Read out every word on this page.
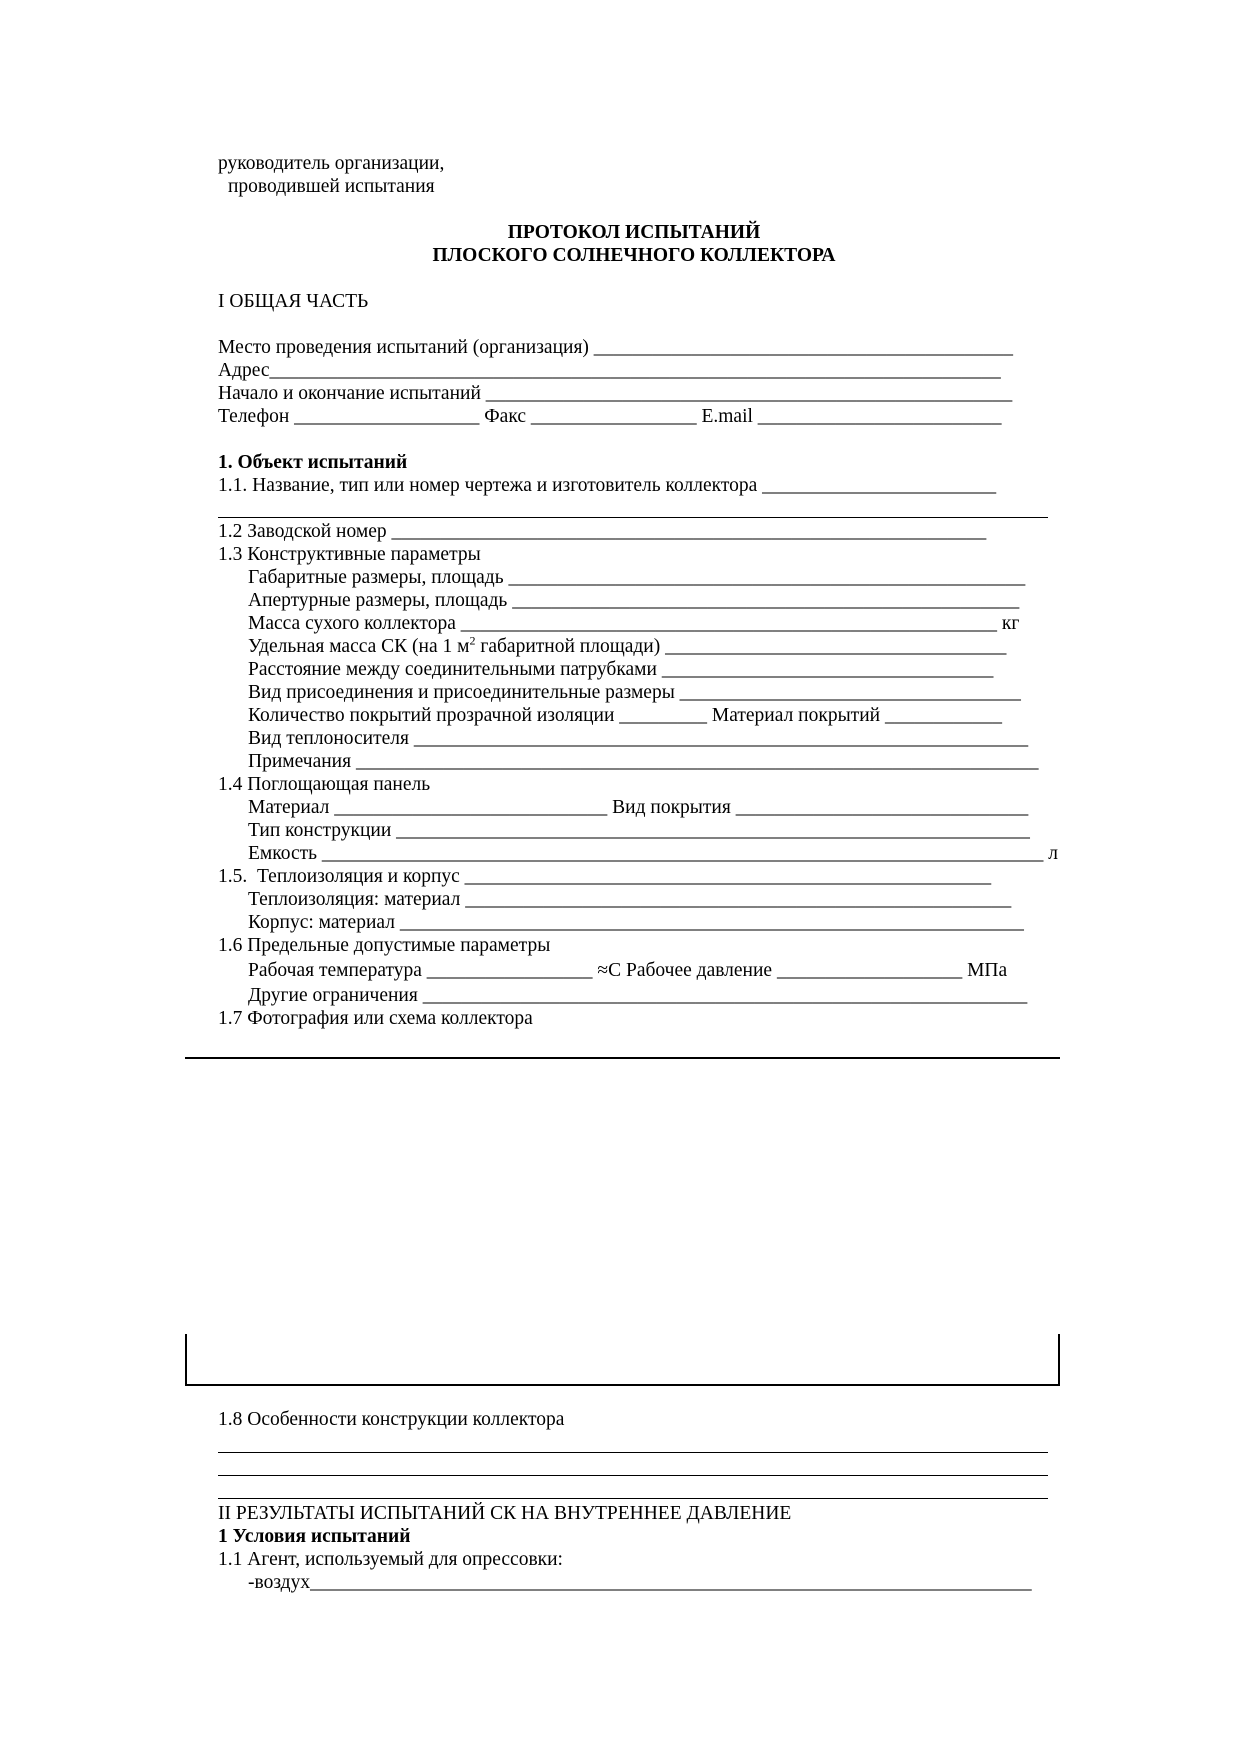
руководитель организации,

проводившей испытания

ПРОТОКОЛ ИСПЫТАНИЙ

ПЛОСКОГО СОЛНЕЧНОГО КОЛЛЕКТОРА

I ОБЩАЯ ЧАСТЬ

Место проведения испытаний (организация) ___________________________________________

Адрес___________________________________________________________________________

Начало и окончание испытаний ______________________________________________________

Телефон ___________________ Факс _________________ E.mail _________________________

1. Объект испытаний

1.1. Название, тип или номер чертежа и изготовитель коллектора ________________________

1.2 Заводской номер _____________________________________________________________

1.3 Конструктивные параметры

Габаритные размеры, площадь _____________________________________________________

Апертурные размеры, площадь ____________________________________________________

Масса сухого коллектора _______________________________________________________ кг

Удельная масса СК (на 1 $м^2$ габаритной площади) ___________________________________

Расстояние между соединительными патрубками __________________________________

Вид присоединения и присоединительные размеры ___________________________________

Количество покрытий прозрачной изоляции _________ Материал покрытий ____________

Вид теплоносителя _______________________________________________________________

Примечания ______________________________________________________________________

1.4 Поглощающая панель

Материал ____________________________ Вид покрытия ______________________________

Тип конструкции _________________________________________________________________

Емкость __________________________________________________________________________ л

1.5.  Теплоизоляция и корпус ______________________________________________________

Теплоизоляция: материал ________________________________________________________

Корпус: материал ________________________________________________________________

1.6 Предельные допустимые параметры

Рабочая температура _________________ ≈С Рабочее давление ___________________ МПа

Другие ограничения ______________________________________________________________

1.7 Фотография или схема коллектора

1.8 Особенности конструкции коллектора

II РЕЗУЛЬТАТЫ ИСПЫТАНИЙ СК НА ВНУТРЕННЕЕ ДАВЛЕНИЕ

1 Условия испытаний

1.1 Агент, используемый для опрессовки:

-воздух__________________________________________________________________________
